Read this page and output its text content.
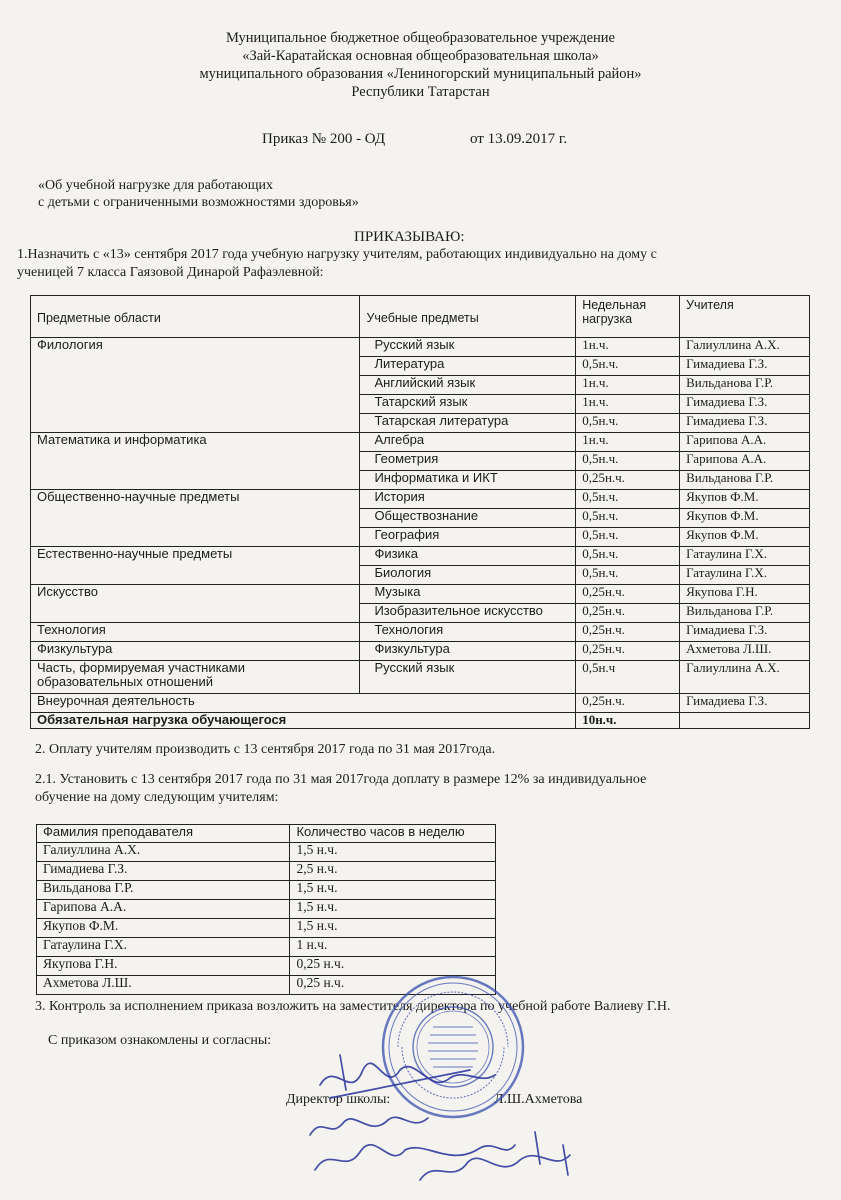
Муниципальное бюджетное общеобразовательное учреждение
«Зай-Каратайская основная общеобразовательная школа»
муниципального образования «Лениногорский муниципальный район»
Республики Татарстан
Приказ № 200 - ОД	от 13.09.2017 г.
«Об учебной нагрузке для работающих
с детьми с ограниченными возможностями здоровья»
ПРИКАЗЫВАЮ:
1.Назначить с «13» сентября 2017 года учебную нагрузку учителям, работающих индивидуально на дому с
ученицей 7 класса Гаязовой Динарой Рафаэлевной:
Предметные области	Учебные предметы	Недельная
нагрузка	Учителя
Филология	Русский язык	1н.ч.	Галиуллина А.Х.
	Литература	0,5н.ч.	Гимадиева Г.З.
	Английский язык	1н.ч.	Вильданова Г.Р.
	Татарский язык	1н.ч.	Гимадиева Г.З.
	Татарская литература	0,5н.ч.	Гимадиева Г.З.
Математика и информатика	Алгебра	1н.ч.	Гарипова А.А.
	Геометрия	0,5н.ч.	Гарипова А.А.
	Информатика и ИКТ	0,25н.ч.	Вильданова Г.Р.
Общественно-научные предметы	История	0,5н.ч.	Якупов Ф.М.
	Обществознание	0,5н.ч.	Якупов Ф.М.
	География	0,5н.ч.	Якупов Ф.М.
Естественно-научные предметы	Физика	0,5н.ч.	Гатаулина Г.Х.
	Биология	0,5н.ч.	Гатаулина Г.Х.
Искусство	Музыка	0,25н.ч.	Якупова Г.Н.
	Изобразительное искусство	0,25н.ч.	Вильданова Г.Р.
Технология	Технология	0,25н.ч.	Гимадиева Г.З.
Физкультура	Физкультура	0,25н.ч.	Ахметова Л.Ш.
Часть, формируемая участниками
образовательных отношений	Русский язык	0,5н.ч	Галиуллина А.Х.
Внеурочная деятельность		0,25н.ч.	Гимадиева Г.З.
Обязательная нагрузка обучающегося		10н.ч.	
2. Оплату учителям производить с 13 сентября 2017 года по 31 мая 2017года.
2.1. Установить с 13 сентября 2017 года по 31 мая 2017года доплату в размере 12% за индивидуальное
обучение на дому следующим учителям:
Фамилия преподавателя	Количество часов в неделю
Галиуллина А.Х.	1,5 н.ч.
Гимадиева Г.З.	2,5 н.ч.
Вильданова Г.Р.	1,5 н.ч.
Гарипова А.А.	1,5 н.ч.
Якупов Ф.М.	1,5 н.ч.
Гатаулина Г.Х.	1 н.ч.
Якупова Г.Н.	0,25 н.ч.
Ахметова Л.Ш.	0,25 н.ч.
3. Контроль за исполнением приказа возложить на заместителя директора по учебной работе Валиеву Г.Н.
С приказом ознакомлены и согласны:
Директор школы:	Л.Ш.Ахметова
